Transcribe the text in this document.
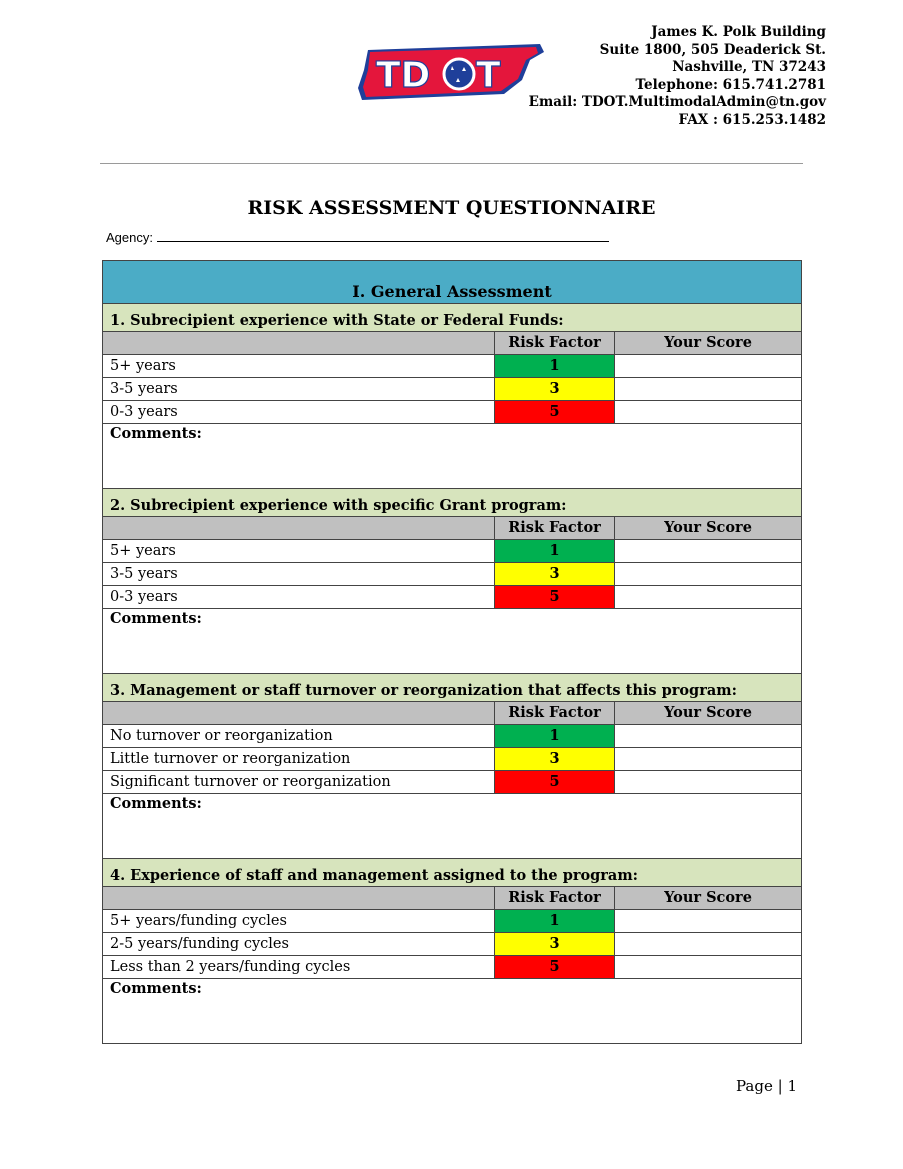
TD T
James K. Polk Building
Suite 1800, 505 Deaderick St.
Nashville, TN 37243
Telephone: 615.741.2781
Email: TDOT.MultimodalAdmin@tn.gov
FAX : 615.253.1482
RISK ASSESSMENT QUESTIONNAIRE
Agency:
I. General Assessment		
1. Subrecipient experience with State or Federal Funds:		
	Risk Factor	Your Score
5+ years	1	
3-5 years	3	
0-3 years	5	
Comments:		
2. Subrecipient experience with specific Grant program:		
	Risk Factor	Your Score
5+ years	1	
3-5 years	3	
0-3 years	5	
Comments:		
3. Management or staff turnover or reorganization that affects this program:		
	Risk Factor	Your Score
No turnover or reorganization	1	
Little turnover or reorganization	3	
Significant turnover or reorganization	5	
Comments:		
4. Experience of staff and management assigned to the program:		
	Risk Factor	Your Score
5+ years/funding cycles	1	
2-5 years/funding cycles	3	
Less than 2 years/funding cycles	5	
Comments:		
Page | 1
